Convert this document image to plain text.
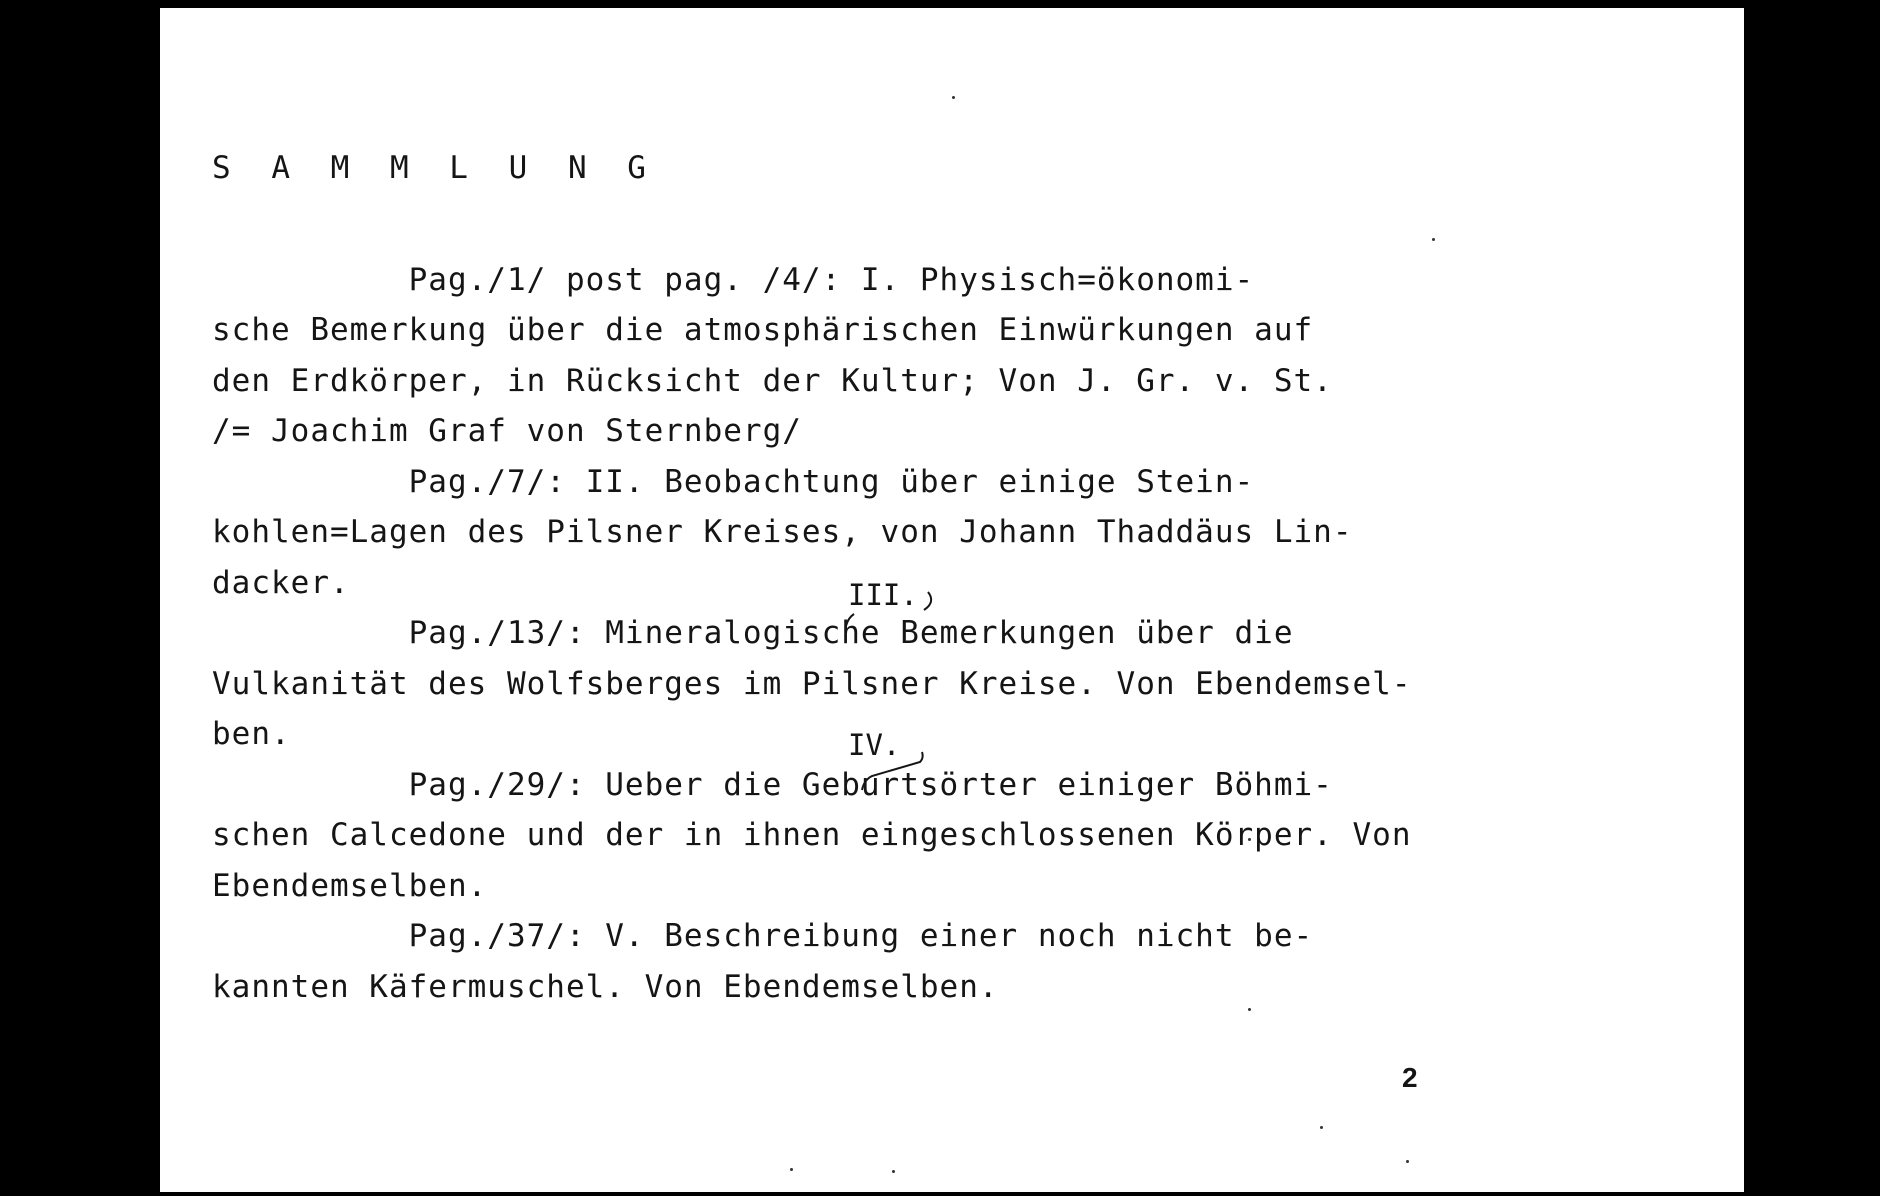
S A M M L U N G
Pag./1/ post pag. /4/: I. Physisch=ökonomi-
sche Bemerkung über die atmosphärischen Einwürkungen auf
den Erdkörper, in Rücksicht der Kultur; Von J. Gr. v. St.
/= Joachim Graf von Sternberg/
Pag./7/: II. Beobachtung über einige Stein-
kohlen=Lagen des Pilsner Kreises, von Johann Thaddäus Lin-
dacker.
Pag./13/: Mineralogische Bemerkungen über die
Vulkanität des Wolfsberges im Pilsner Kreise. Von Ebendemsel-
ben.
Pag./29/: Ueber die Geburtsörter einiger Böhmi-
schen Calcedone und der in ihnen eingeschlossenen Körper. Von
Ebendemselben.
Pag./37/: V. Beschreibung einer noch nicht be-
kannten Käfermuschel. Von Ebendemselben.
III.
IV.
2
